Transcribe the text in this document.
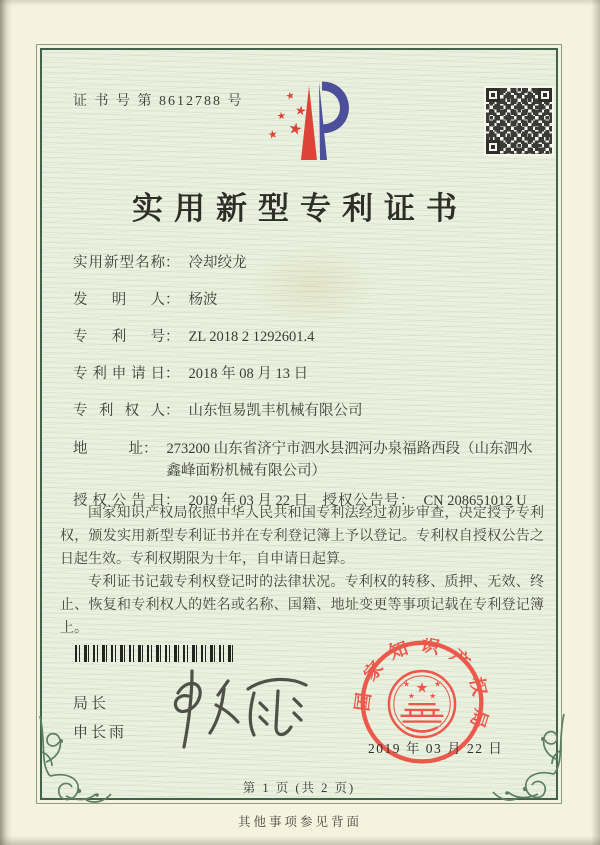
证 书 号 第 8612788 号	★
★
★
★
★
实用新型专利证书
实用新型名称 ： 冷却绞龙
发明人 ： 杨波
专利号 ： ZL 2018 2 1292601.4
专利申请日 ： 2018 年 08 月 13 日
专利权人 ： 山东恒易凯丰机械有限公司
地址 ： 273200 山东省济宁市泗水县泗河办泉福路西段（山东泗水鑫峰面粉机械有限公司）
授权公告日 ： 2019 年 03 月 22 日 授权公告号 ： CN 208651012 U

国家知识产权局依照中华人民共和国专利法经过初步审查，决定授予专利权，颁发实用新型专利证书并在专利登记簿上予以登记。专利权自授权公告之日起生效。专利权期限为十年，自申请日起算。

专利证书记载专利权登记时的法律状况。专利权的转移、质押、无效、终止、恢复和专利权人的姓名或名称、国籍、地址变更等事项记载在专利登记簿上。

局长
申长雨
国家知识产权局
★
★	★
★ ★
2019 年 03 月 22 日
第 1 页 (共 2 页)
其他事项参见背面
